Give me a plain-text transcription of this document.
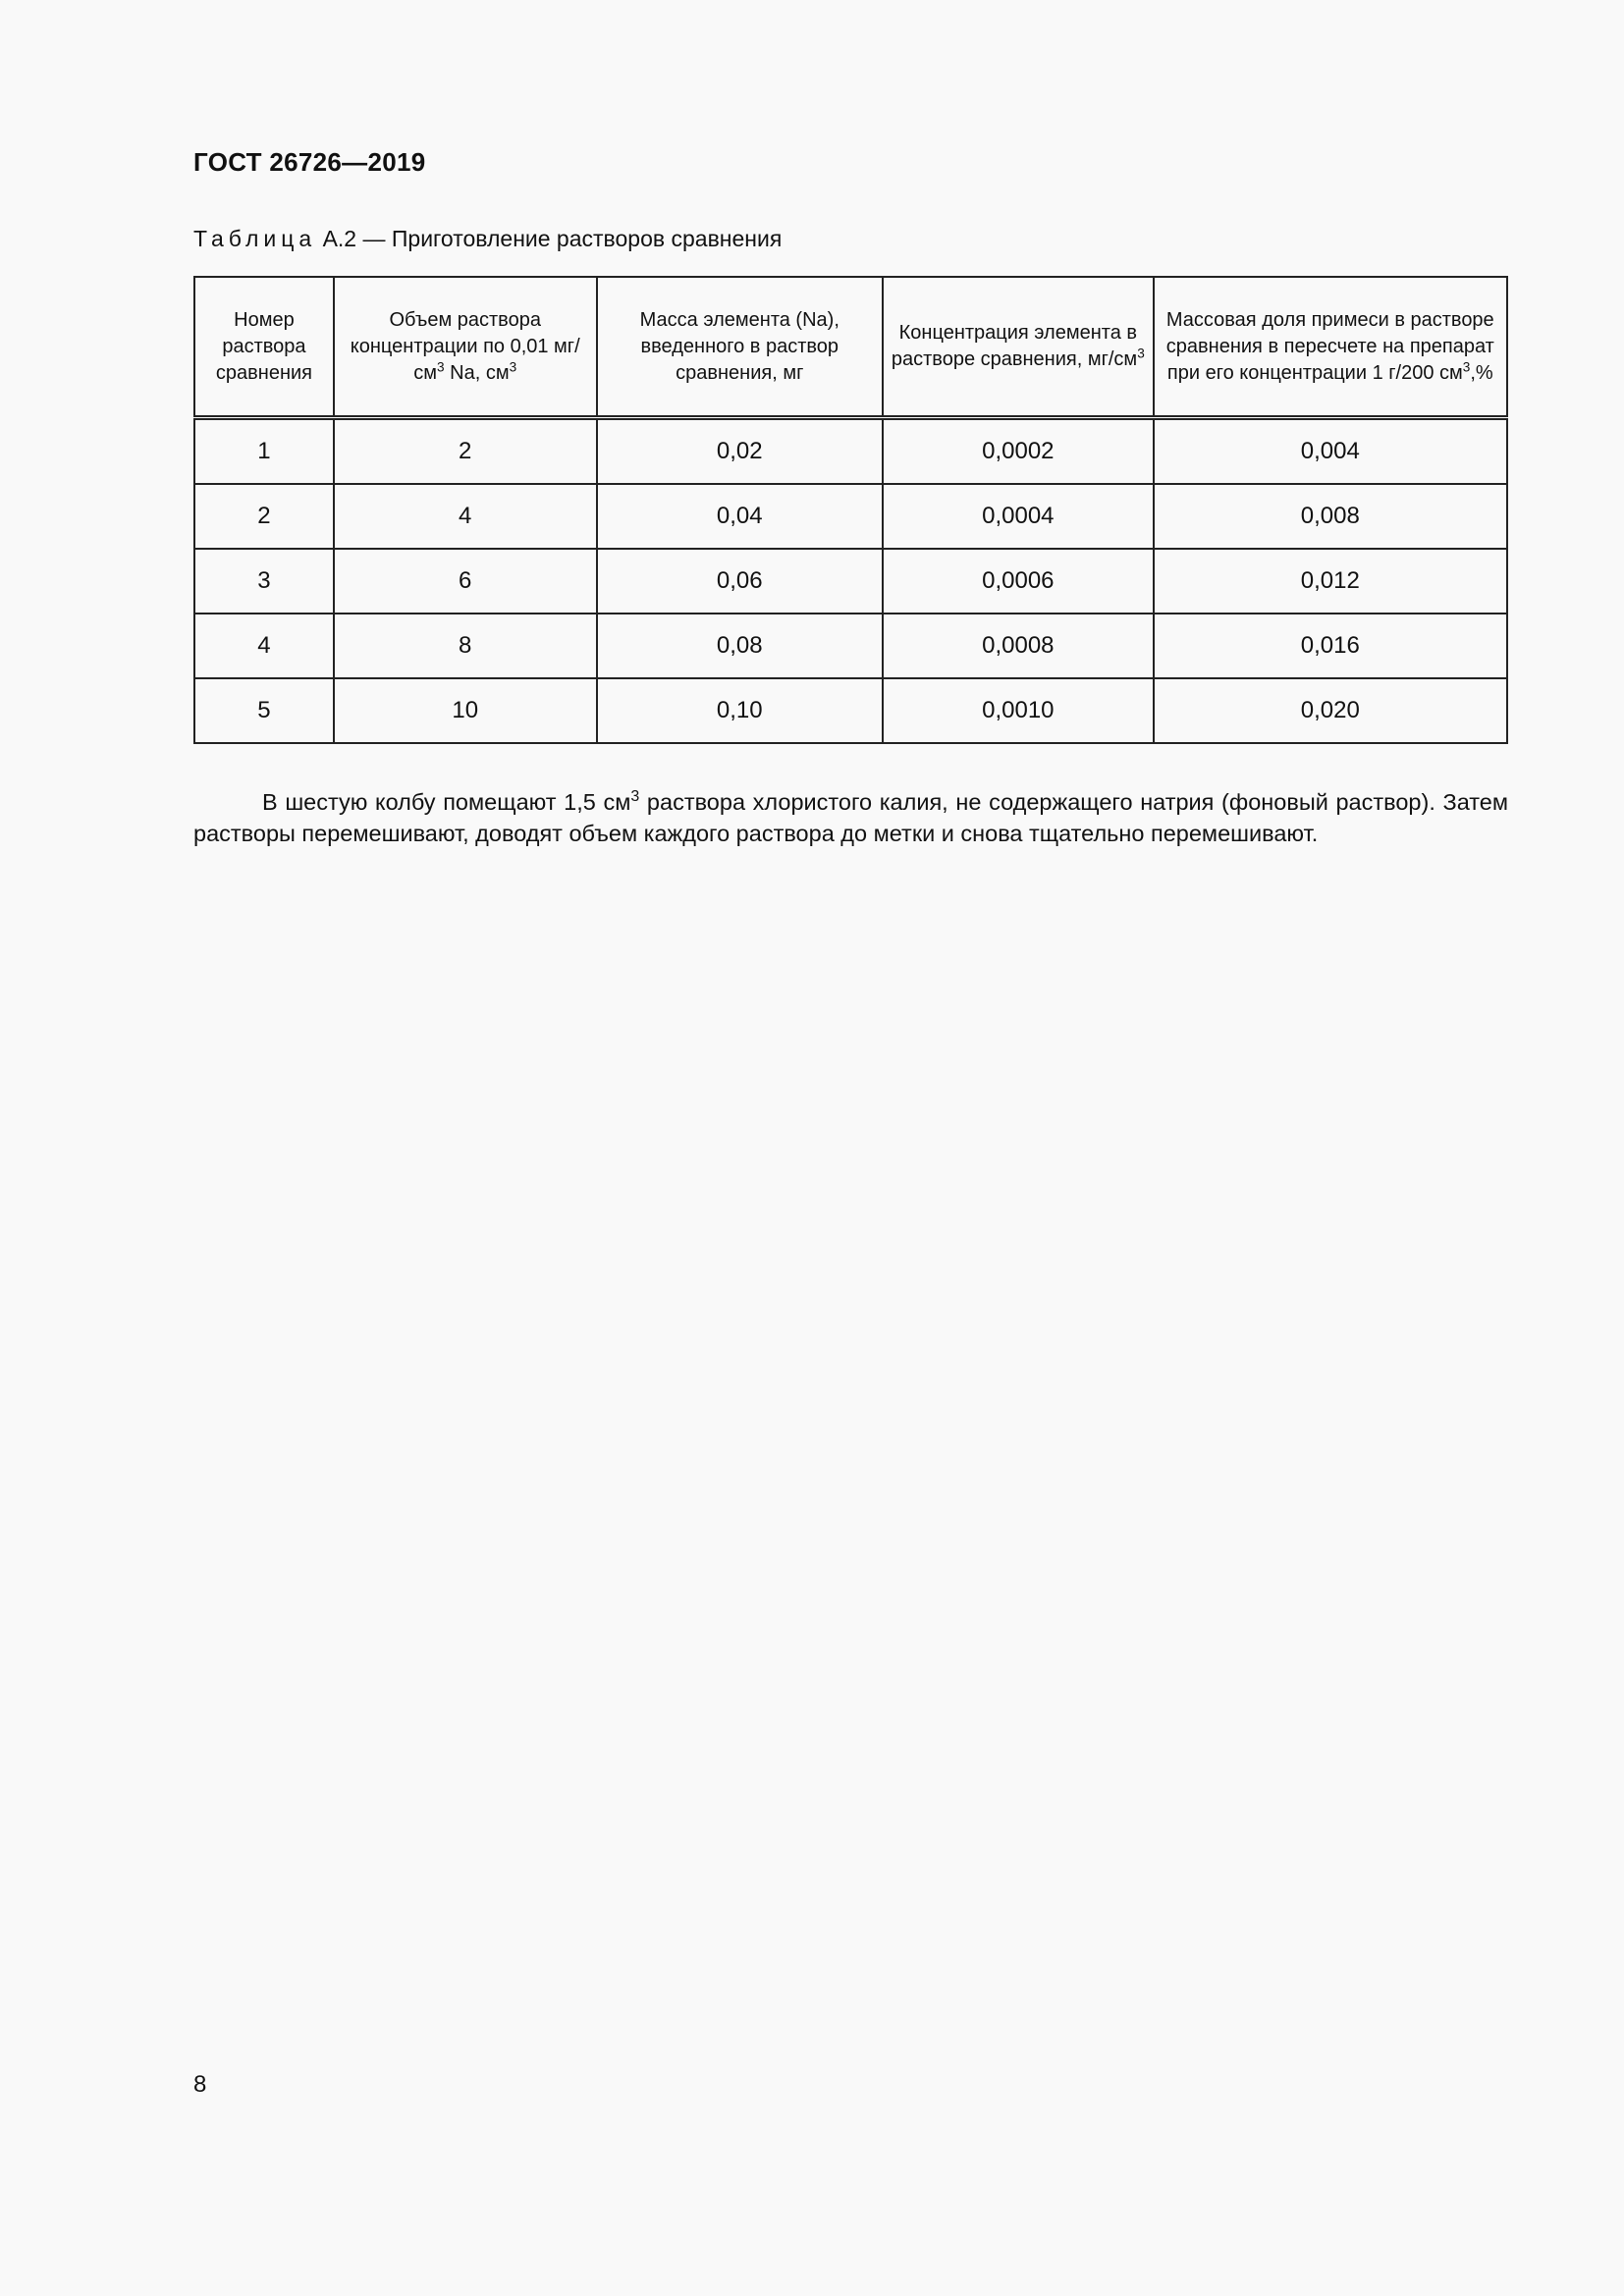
ГОСТ 26726—2019
Таблица А.2 — Приготовление растворов сравнения
Номер раствора сравнения	Объем раствора концентрации по 0,01 $мг/см^3$ Na, $см^3$	Масса элемента (Na), введенного в раствор сравнения, мг	Концентрация элемента в растворе сравнения, $мг/см^3$	Массовая доля примеси в растворе сравнения в пересчете на препарат при его концентрации 1 г/200 $см^3,\%$
1	2	0,02	0,0002	0,004
2	4	0,04	0,0004	0,008
3	6	0,06	0,0006	0,012
4	8	0,08	0,0008	0,016
5	10	0,10	0,0010	0,020

В шестую колбу помещают 1,5 $см^3$ раствора хлористого калия, не содержащего натрия (фоновый раствор). Затем растворы перемешивают, доводят объем каждого раствора до метки и снова тщательно перемешивают.

8
